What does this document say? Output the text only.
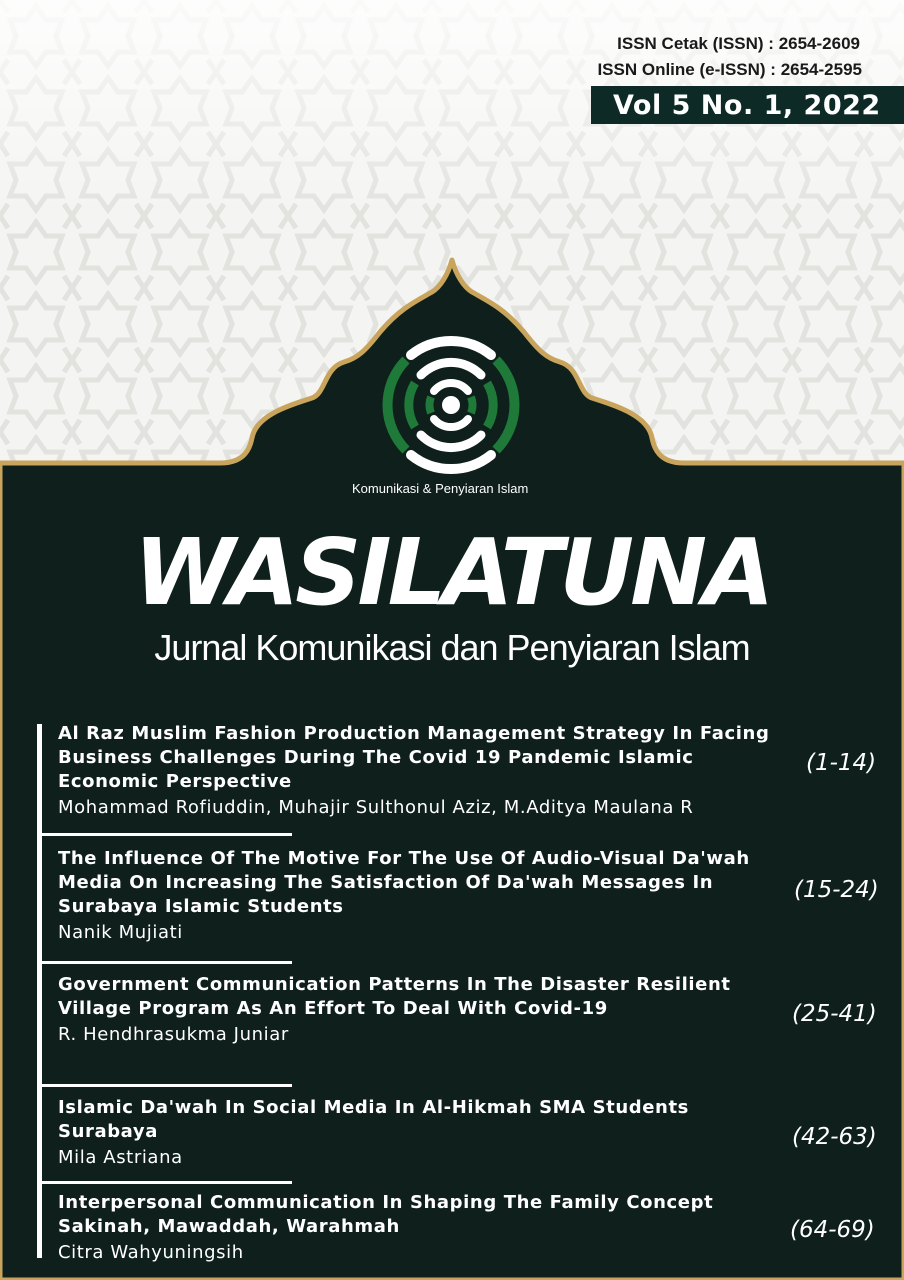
ISSN Cetak (ISSN) : 2654-2609
ISSN Online (e-ISSN) : 2654-2595
Vol 5 No. 1, 2022
Komunikasi & Penyiaran Islam
WASILATUNA
Jurnal Komunikasi dan Penyiaran Islam
Al Raz Muslim Fashion Production Management Strategy In Facing Business Challenges During The Covid 19 Pandemic Islamic Economic Perspective
Mohammad Rofiuddin, Muhajir Sulthonul Aziz, M.Aditya Maulana R
(1-14)
The Influence Of The Motive For The Use Of Audio-Visual Da'wah Media On Increasing The Satisfaction Of Da'wah Messages In Surabaya Islamic Students
Nanik Mujiati
(15-24)
Government Communication Patterns In The Disaster Resilient Village Program As An Effort To Deal With Covid-19
R. Hendhrasukma Juniar
(25-41)
Islamic Da'wah In Social Media In Al-Hikmah SMA Students Surabaya
Mila Astriana
(42-63)
Interpersonal Communication In Shaping The Family Concept Sakinah, Mawaddah, Warahmah
Citra Wahyuningsih
(64-69)
